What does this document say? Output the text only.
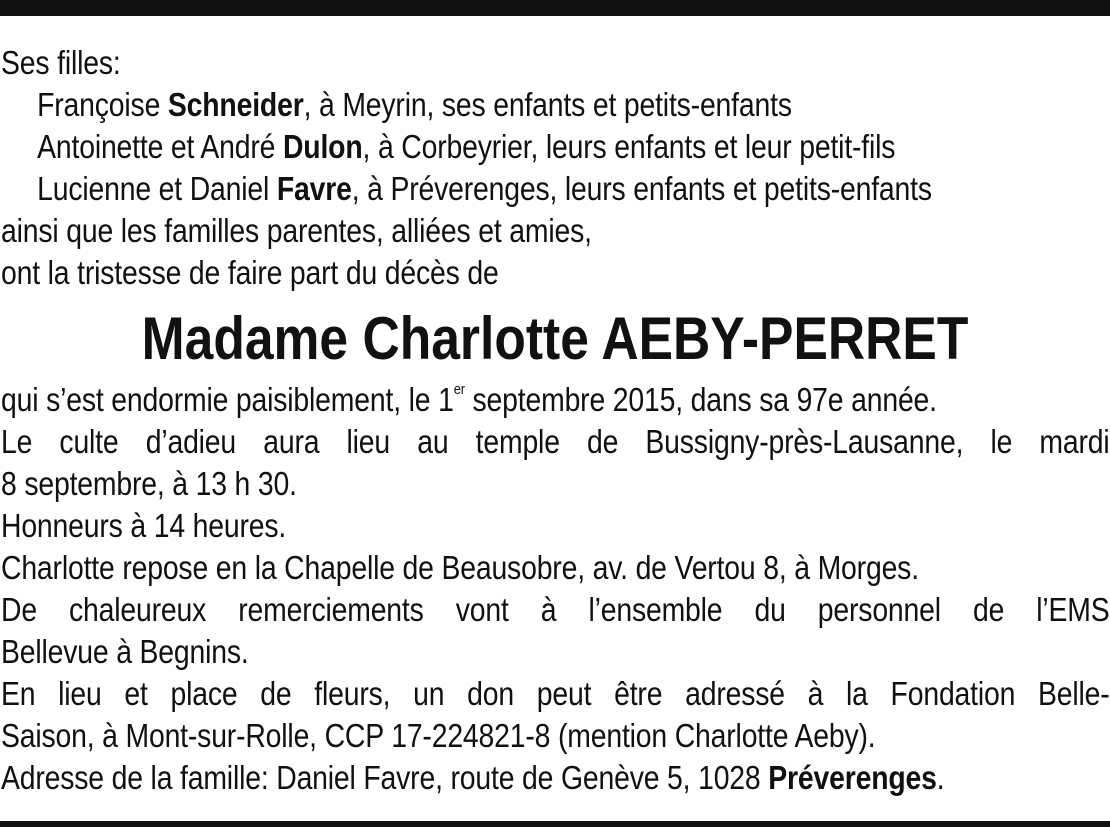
Ses filles:
Françoise Schneider, à Meyrin, ses enfants et petits-enfants
Antoinette et André Dulon, à Corbeyrier, leurs enfants et leur petit-fils
Lucienne et Daniel Favre, à Préverenges, leurs enfants et petits-enfants
ainsi que les familles parentes, alliées et amies,
ont la tristesse de faire part du décès de
Madame Charlotte AEBY-PERRET
qui s’est endormie paisiblement, le 1er septembre 2015, dans sa 97e année.
Le culte d’adieu aura lieu au temple de Bussigny-près-Lausanne, le mardi
8 septembre, à 13 h 30.
Honneurs à 14 heures.
Charlotte repose en la Chapelle de Beausobre, av. de Vertou 8, à Morges.
De chaleureux remerciements vont à l’ensemble du personnel de l’EMS
Bellevue à Begnins.
En lieu et place de fleurs, un don peut être adressé à la Fondation Belle-
Saison, à Mont-sur-Rolle, CCP 17-224821-8 (mention Charlotte Aeby).
Adresse de la famille: Daniel Favre, route de Genève 5, 1028 Préverenges.
